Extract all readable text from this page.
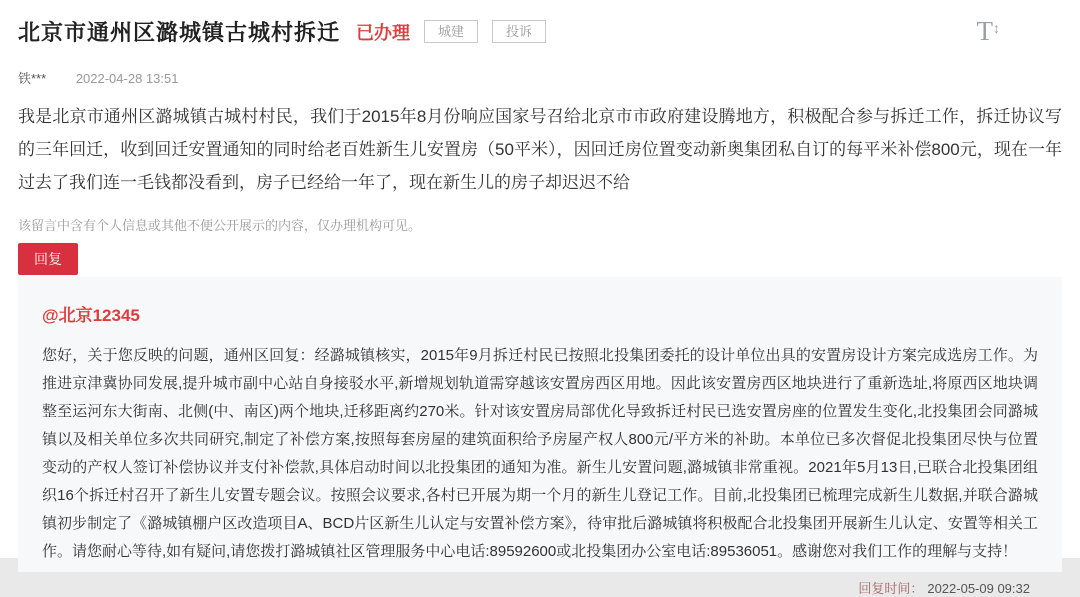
北京市通州区潞城镇古城村拆迁 已办理	城建	投诉	T ↕
铁*** 2022-04-28 13:51

我是北京市通州区潞城镇古城村村民，我们于2015年8月份响应国家号召给北京市市政府建设腾地方，积极配合参与拆迁工作，拆迁协议写的三年回迁，收到回迁安置通知的同时给老百姓新生儿安置房（50平米），因回迁房位置变动新奥集团私自订的每平米补偿800元，现在一年过去了我们连一毛钱都没看到，房子已经给一年了，现在新生儿的房子却迟迟不给

该留言中含有个人信息或其他不便公开展示的内容，仅办理机构可见。

回复
@北京12345

您好，关于您反映的问题，通州区回复：经潞城镇核实，2015年9月拆迁村民已按照北投集团委托的设计单位出具的安置房设计方案完成选房工作。为推进京津冀协同发展,提升城市副中心站自身接驳水平,新增规划轨道需穿越该安置房西区用地。因此该安置房西区地块进行了重新选址,将原西区地块调整至运河东大街南、北侧(中、南区)两个地块,迁移距离约270米。针对该安置房局部优化导致拆迁村民已选安置房座的位置发生变化,北投集团会同潞城镇以及相关单位多次共同研究,制定了补偿方案,按照每套房屋的建筑面积给予房屋产权人800元/平方米的补助。本单位已多次督促北投集团尽快与位置变动的产权人签订补偿协议并支付补偿款,具体启动时间以北投集团的通知为准。新生儿安置问题,潞城镇非常重视。2021年5月13日,已联合北投集团组织16个拆迁村召开了新生儿安置专题会议。按照会议要求,各村已开展为期一个月的新生儿登记工作。目前,北投集团已梳理完成新生儿数据,并联合潞城镇初步制定了《潞城镇棚户区改造项目A、BCD片区新生儿认定与安置补偿方案》，待审批后潞城镇将积极配合北投集团开展新生儿认定、安置等相关工作。请您耐心等待,如有疑问,请您拨打潞城镇社区管理服务中心电话:89592600或北投集团办公室电话:89536051。感谢您对我们工作的理解与支持！

回复时间： 2022-05-09 09:32
